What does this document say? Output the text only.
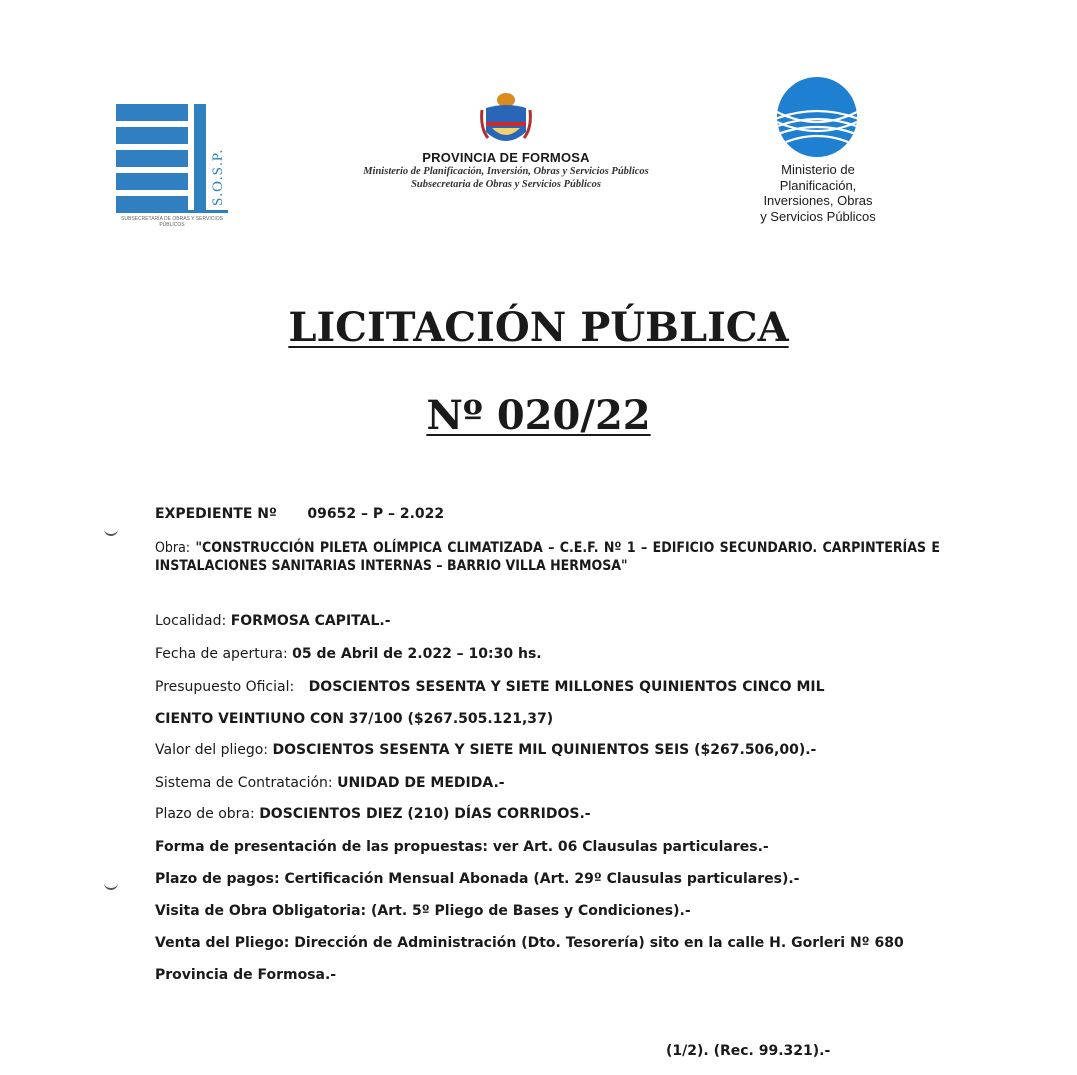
S.O.S.P.
SUBSECRETARÍA DE OBRAS Y SERVICIOS PÚBLICOS
PROVINCIA DE FORMOSA
Ministerio de Planificación, Inversión, Obras y Servicios Públicos
Subsecretaria de Obras y Servicios Públicos
Ministerio de
Planificación,
Inversiones, Obras
y Servicios Públicos
LICITACIÓN PÚBLICA
Nº 020/22
EXPEDIENTE Nº 09652 – P – 2.022
Obra: "CONSTRUCCIÓN PILETA OLÍMPICA CLIMATIZADA – C.E.F. Nº 1 – EDIFICIO SECUNDARIO. CARPINTERÍAS E INSTALACIONES SANITARIAS INTERNAS – BARRIO VILLA HERMOSA"
Localidad: FORMOSA CAPITAL.-
Fecha de apertura: 05 de Abril de 2.022 – 10:30 hs.
Presupuesto Oficial: DOSCIENTOS SESENTA Y SIETE MILLONES QUINIENTOS CINCO MIL
CIENTO VEINTIUNO CON 37/100 ($267.505.121,37)
Valor del pliego: DOSCIENTOS SESENTA Y SIETE MIL QUINIENTOS SEIS ($267.506,00).-
Sistema de Contratación: UNIDAD DE MEDIDA.-
Plazo de obra: DOSCIENTOS DIEZ (210) DÍAS CORRIDOS.-
Forma de presentación de las propuestas: ver Art. 06 Clausulas particulares.-
Plazo de pagos: Certificación Mensual Abonada (Art. 29º Clausulas particulares).-
Visita de Obra Obligatoria: (Art. 5º Pliego de Bases y Condiciones).-
Venta del Pliego: Dirección de Administración (Dto. Tesorería) sito en la calle H. Gorleri Nº 680
Provincia de Formosa.-
(1/2). (Rec. 99.321).-
